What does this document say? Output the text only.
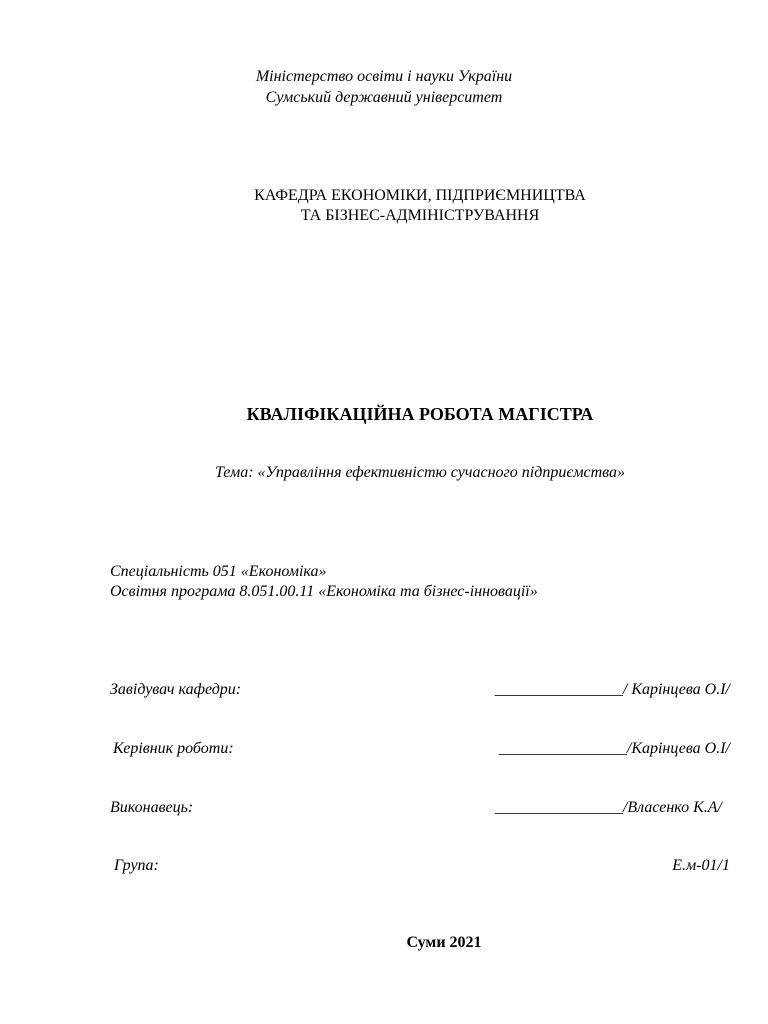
Міністерство освіти і науки України
Сумський державний університет
КАФЕДРА ЕКОНОМІКИ, ПІДПРИЄМНИЦТВА
ТА БІЗНЕС-АДМІНІСТРУВАННЯ
КВАЛІФІКАЦІЙНА РОБОТА МАГІСТРА
Тема: «Управління ефективністю сучасного підприємства»
Спеціальність 051 «Економіка»
Освітня програма 8.051.00.11 «Економіка та бізнес-інновації»
Завідувач кафедри:	________________/ Карінцева О.І/
Керівник роботи:	________________/Карінцева О.І/
Виконавець:	________________/Власенко К.А/
Група:	Е.м-01/1
Суми 2021
